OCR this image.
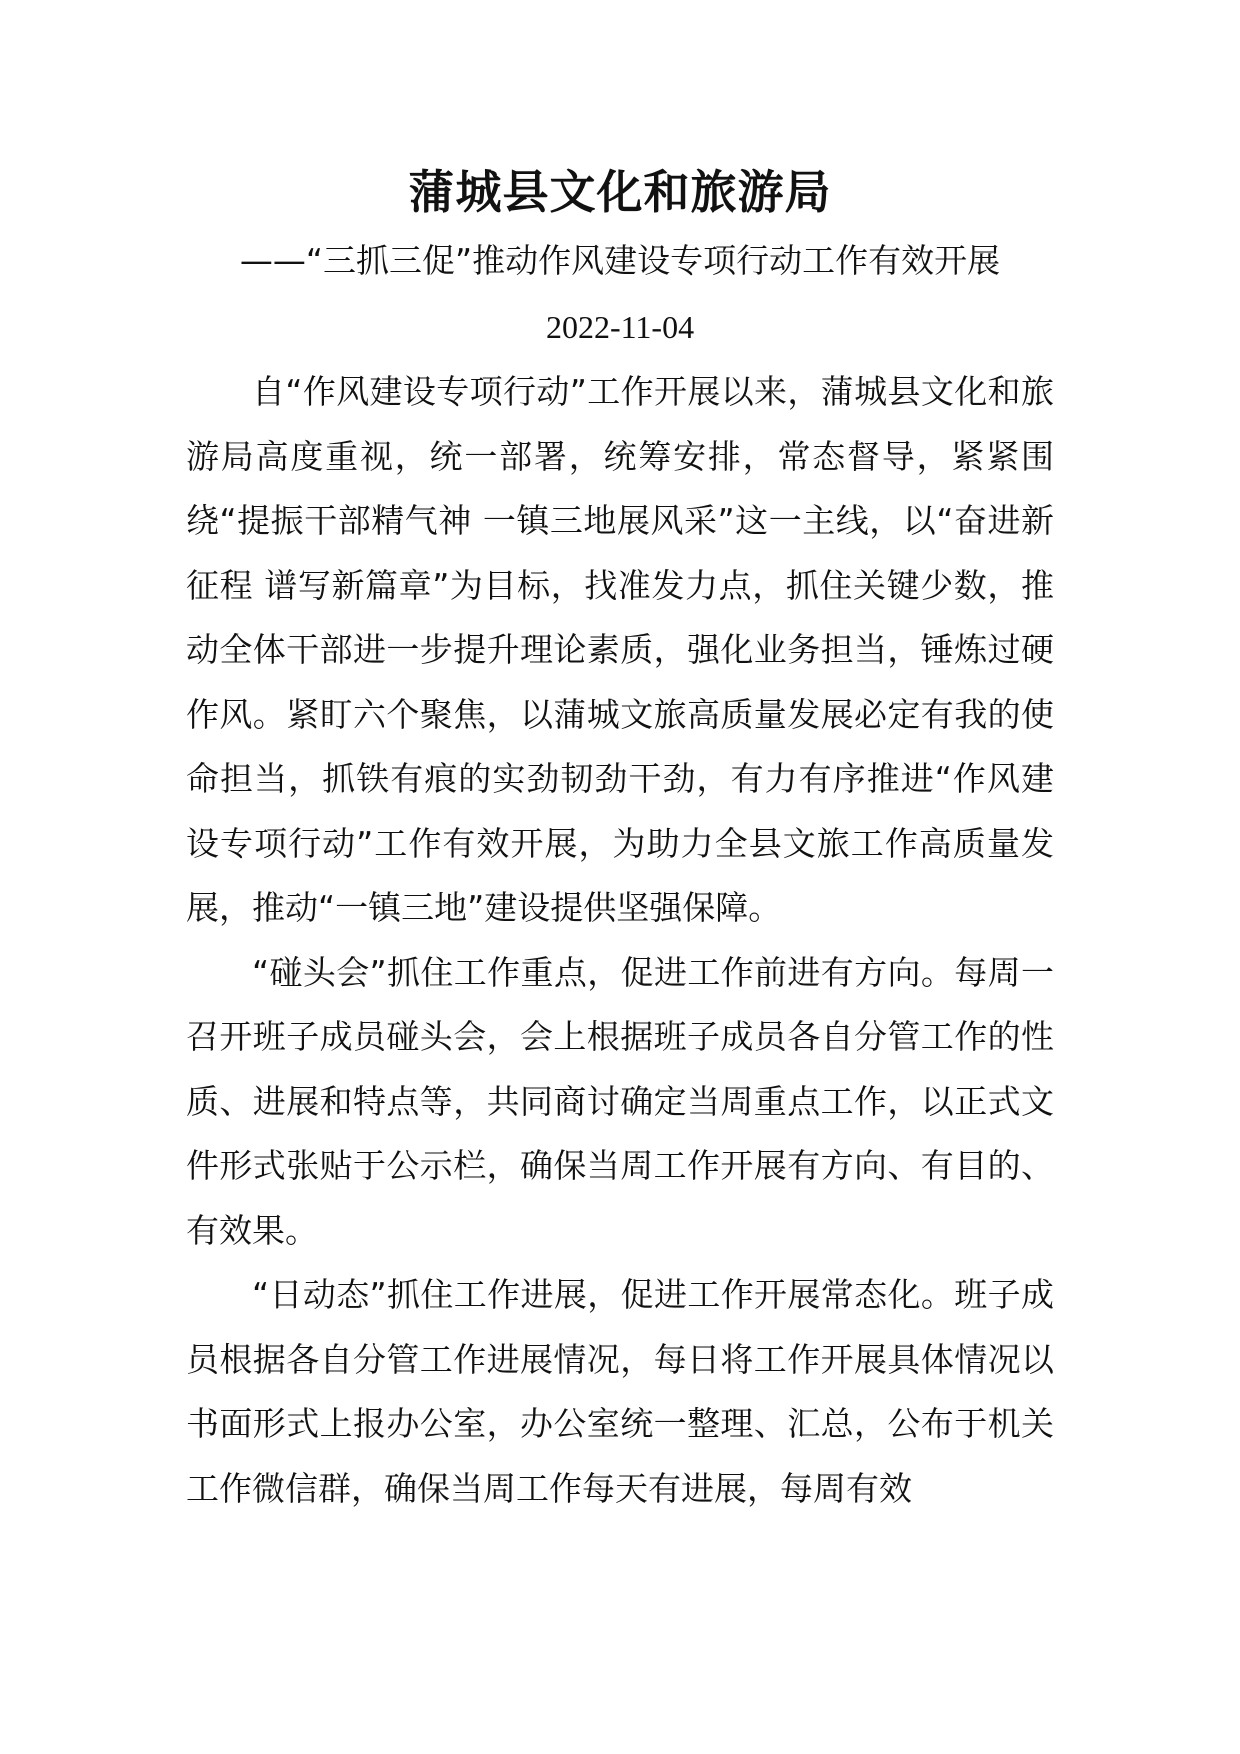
蒲城县文化和旅游局
——“三抓三促”推动作风建设专项行动工作有效开展
2022-11-04

自“作风建设专项行动”工作开展以来，蒲城县文化和旅游局高度重视，统一部署，统筹安排，常态督导，紧紧围绕“提振干部精气神 一镇三地展风采”这一主线，以“奋进新征程 谱写新篇章”为目标，找准发力点，抓住关键少数，推动全体干部进一步提升理论素质，强化业务担当，锤炼过硬作风。紧盯六个聚焦，以蒲城文旅高质量发展必定有我的使命担当，抓铁有痕的实劲韧劲干劲，有力有序推进“作风建设专项行动”工作有效开展，为助力全县文旅工作高质量发展，推动“一镇三地”建设提供坚强保障。

“碰头会”抓住工作重点，促进工作前进有方向。每周一召开班子成员碰头会，会上根据班子成员各自分管工作的性质、进展和特点等，共同商讨确定当周重点工作，以正式文件形式张贴于公示栏，确保当周工作开展有方向、有目的、有效果。

“日动态”抓住工作进展，促进工作开展常态化。班子成员根据各自分管工作进展情况，每日将工作开展具体情况以书面形式上报办公室，办公室统一整理、汇总，公布于机关工作微信群，确保当周工作每天有进展，每周有效
